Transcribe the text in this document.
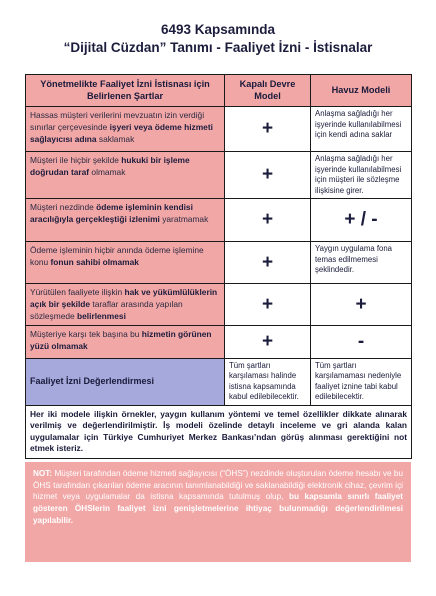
6493 Kapsamında
“Dijital Cüzdan” Tanımı - Faaliyet İzni - İstisnalar
Yönetmelikte Faaliyet İzni İstisnası için Belirlenen Şartlar	Kapalı Devre Model	Havuz Modeli
Hassas müşteri verilerini mevzuatın izin verdiği sınırlar çerçevesinde işyeri veya ödeme hizmeti sağlayıcısı adına saklamak	+	Anlaşma sağladığı her işyerinde kullanılabilmesi için kendi adına saklar
Müşteri ile hiçbir şekilde hukuki bir işleme doğrudan taraf olmamak	+	Anlaşma sağladığı her işyerinde kullanılabilmesi için müşteri ile sözleşme ilişkisine girer.
Müşteri nezdinde ödeme işleminin kendisi aracılığıyla gerçekleştiği izlenimi yaratmamak	+	+ / -
Ödeme işleminin hiçbir anında ödeme işlemine konu fonun sahibi olmamak	+	Yaygın uygulama fona temas edilmemesi şeklindedir.
Yürütülen faaliyete ilişkin hak ve yükümlülüklerin açık bir şekilde taraflar arasında yapılan sözleşmede belirlenmesi	+	+
Müşteriye karşı tek başına bu hizmetin görünen yüzü olmamak	+	-
Faaliyet İzni Değerlendirmesi	Tüm şartları karşılaması halinde istisna kapsamında kabul edilebilecektir.	Tüm şartları karşılamaması nedeniyle faaliyet iznine tabi kabul edilebilecektir.
Her iki modele ilişkin örnekler, yaygın kullanım yöntemi ve temel özellikler dikkate alınarak verilmiş ve değerlendirilmiştir. İş modeli özelinde detaylı inceleme ve gri alanda kalan uygulamalar için Türkiye Cumhuriyet Merkez Bankası’ndan görüş alınması gerektiğini not etmek isteriz.		
NOT: Müşteri tarafından ödeme hizmeti sağlayıcısı (“ÖHS”) nezdinde oluşturulan ödeme hesabı ve bu ÖHS tarafından çıkarılan ödeme aracının tanımlanabildiği ve saklanabildiği elektronik cihaz, çevrim içi hizmet veya uygulamalar da istisna kapsamında tutulmuş olup, bu kapsamla sınırlı faaliyet gösteren ÖHSlerin faaliyet izni genişletmelerine ihtiyaç bulunmadığı değerlendirilmesi yapılabilir.
